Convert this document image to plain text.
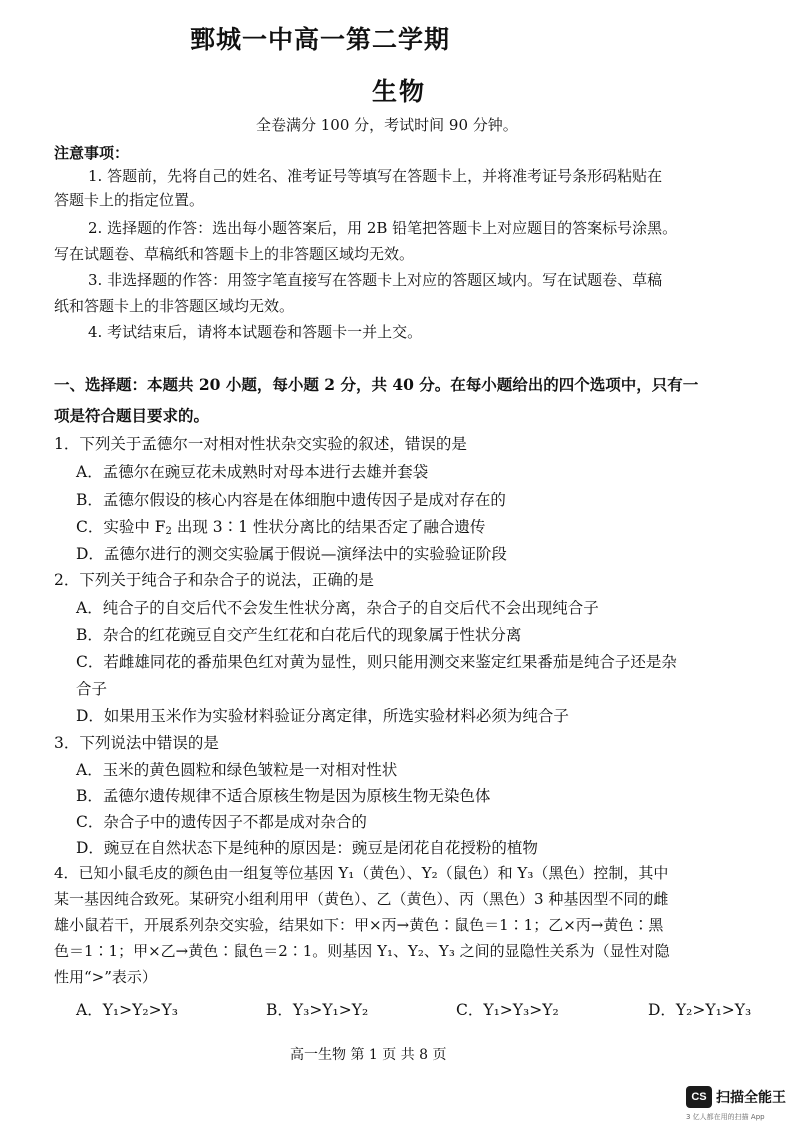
鄄城一中高一第二学期
生物
全卷满分 100 分，考试时间 90 分钟。
注意事项：
1. 答题前，先将自己的姓名、准考证号等填写在答题卡上，并将准考证号条形码粘贴在
答题卡上的指定位置。
2. 选择题的作答：选出每小题答案后，用 2B 铅笔把答题卡上对应题目的答案标号涂黑。
写在试题卷、草稿纸和答题卡上的非答题区域均无效。
3. 非选择题的作答：用签字笔直接写在答题卡上对应的答题区域内。写在试题卷、草稿
纸和答题卡上的非答题区域均无效。
4. 考试结束后，请将本试题卷和答题卡一并上交。
一、选择题：本题共 20 小题，每小题 2 分，共 40 分。在每小题给出的四个选项中，只有一
项是符合题目要求的。
1．下列关于孟德尔一对相对性状杂交实验的叙述，错误的是
A．孟德尔在豌豆花未成熟时对母本进行去雄并套袋
B．孟德尔假设的核心内容是在体细胞中遗传因子是成对存在的
C．实验中 $F_2$ 出现 3∶1 性状分离比的结果否定了融合遗传
D．孟德尔进行的测交实验属于假说—演绎法中的实验验证阶段
2．下列关于纯合子和杂合子的说法，正确的是
A．纯合子的自交后代不会发生性状分离，杂合子的自交后代不会出现纯合子
B．杂合的红花豌豆自交产生红花和白花后代的现象属于性状分离
C．若雌雄同花的番茄果色红对黄为显性，则只能用测交来鉴定红果番茄是纯合子还是杂
合子
D．如果用玉米作为实验材料验证分离定律，所选实验材料必须为纯合子
3．下列说法中错误的是
A．玉米的黄色圆粒和绿色皱粒是一对相对性状
B．孟德尔遗传规律不适合原核生物是因为原核生物无染色体
C．杂合子中的遗传因子不都是成对杂合的
D．豌豆在自然状态下是纯种的原因是：豌豆是闭花自花授粉的植物
4．已知小鼠毛皮的颜色由一组复等位基因 Y₁（黄色）、Y₂（鼠色）和 Y₃（黑色）控制，其中
某一基因纯合致死。某研究小组利用甲（黄色）、乙（黄色）、丙（黑色）3 种基因型不同的雌
雄小鼠若干，开展系列杂交实验，结果如下：甲×丙→黄色∶鼠色＝1∶1；乙×丙→黄色∶黑
色＝1∶1；甲×乙→黄色∶鼠色＝2∶1。则基因 Y₁、Y₂、Y₃ 之间的显隐性关系为（显性对隐
性用“>”表示）
A．Y₁>Y₂>Y₃	B．Y₃>Y₁>Y₂	C．Y₁>Y₃>Y₂	D．Y₂>Y₁>Y₃
高一生物 第 1 页 共 8 页
CS 扫描全能王
3 亿人都在用的扫描 App
